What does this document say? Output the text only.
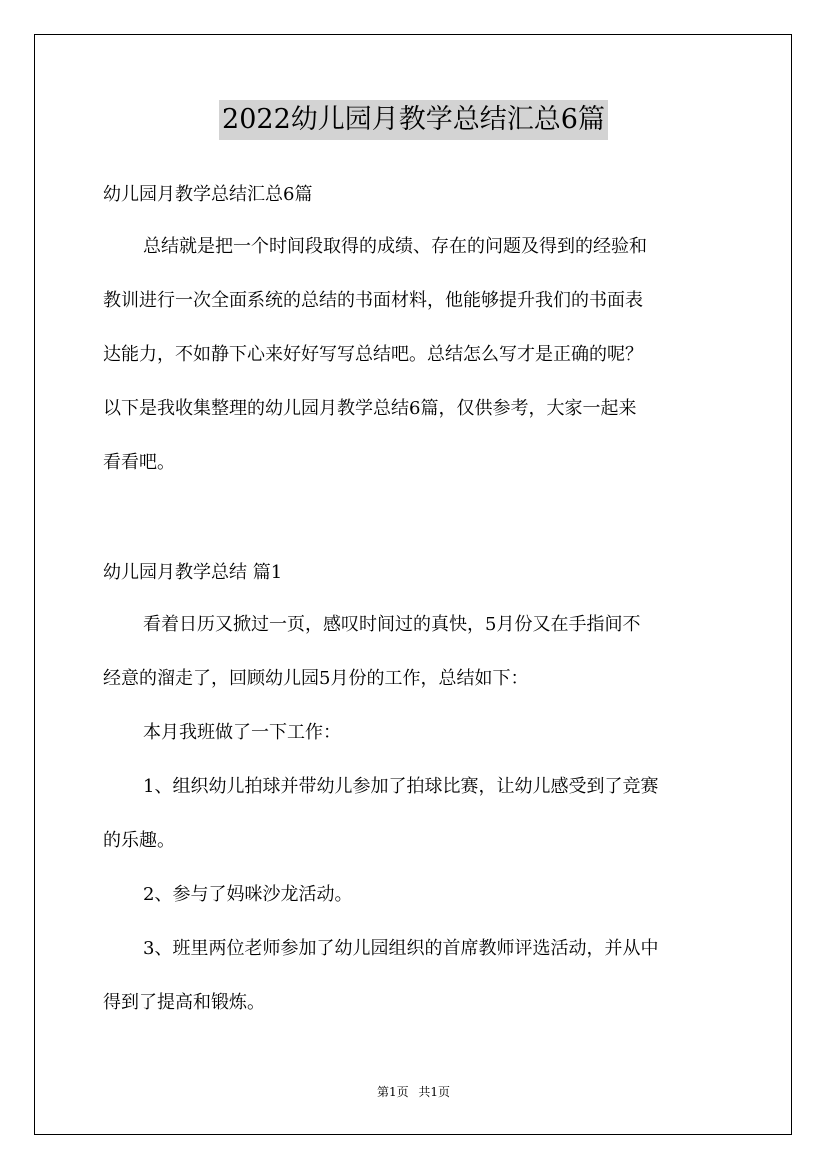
2022幼儿园月教学总结汇总6篇
幼儿园月教学总结汇总6篇
总结就是把一个时间段取得的成绩、存在的问题及得到的经验和
教训进行一次全面系统的总结的书面材料，他能够提升我们的书面表
达能力，不如静下心来好好写写总结吧。总结怎么写才是正确的呢？
以下是我收集整理的幼儿园月教学总结6篇，仅供参考，大家一起来
看看吧。
幼儿园月教学总结 篇1
看着日历又掀过一页，感叹时间过的真快，5月份又在手指间不
经意的溜走了，回顾幼儿园5月份的工作，总结如下：
本月我班做了一下工作：
1、组织幼儿拍球并带幼儿参加了拍球比赛，让幼儿感受到了竞赛
的乐趣。
2、参与了妈咪沙龙活动。
3、班里两位老师参加了幼儿园组织的首席教师评选活动，并从中
得到了提高和锻炼。
第1页 共1页
